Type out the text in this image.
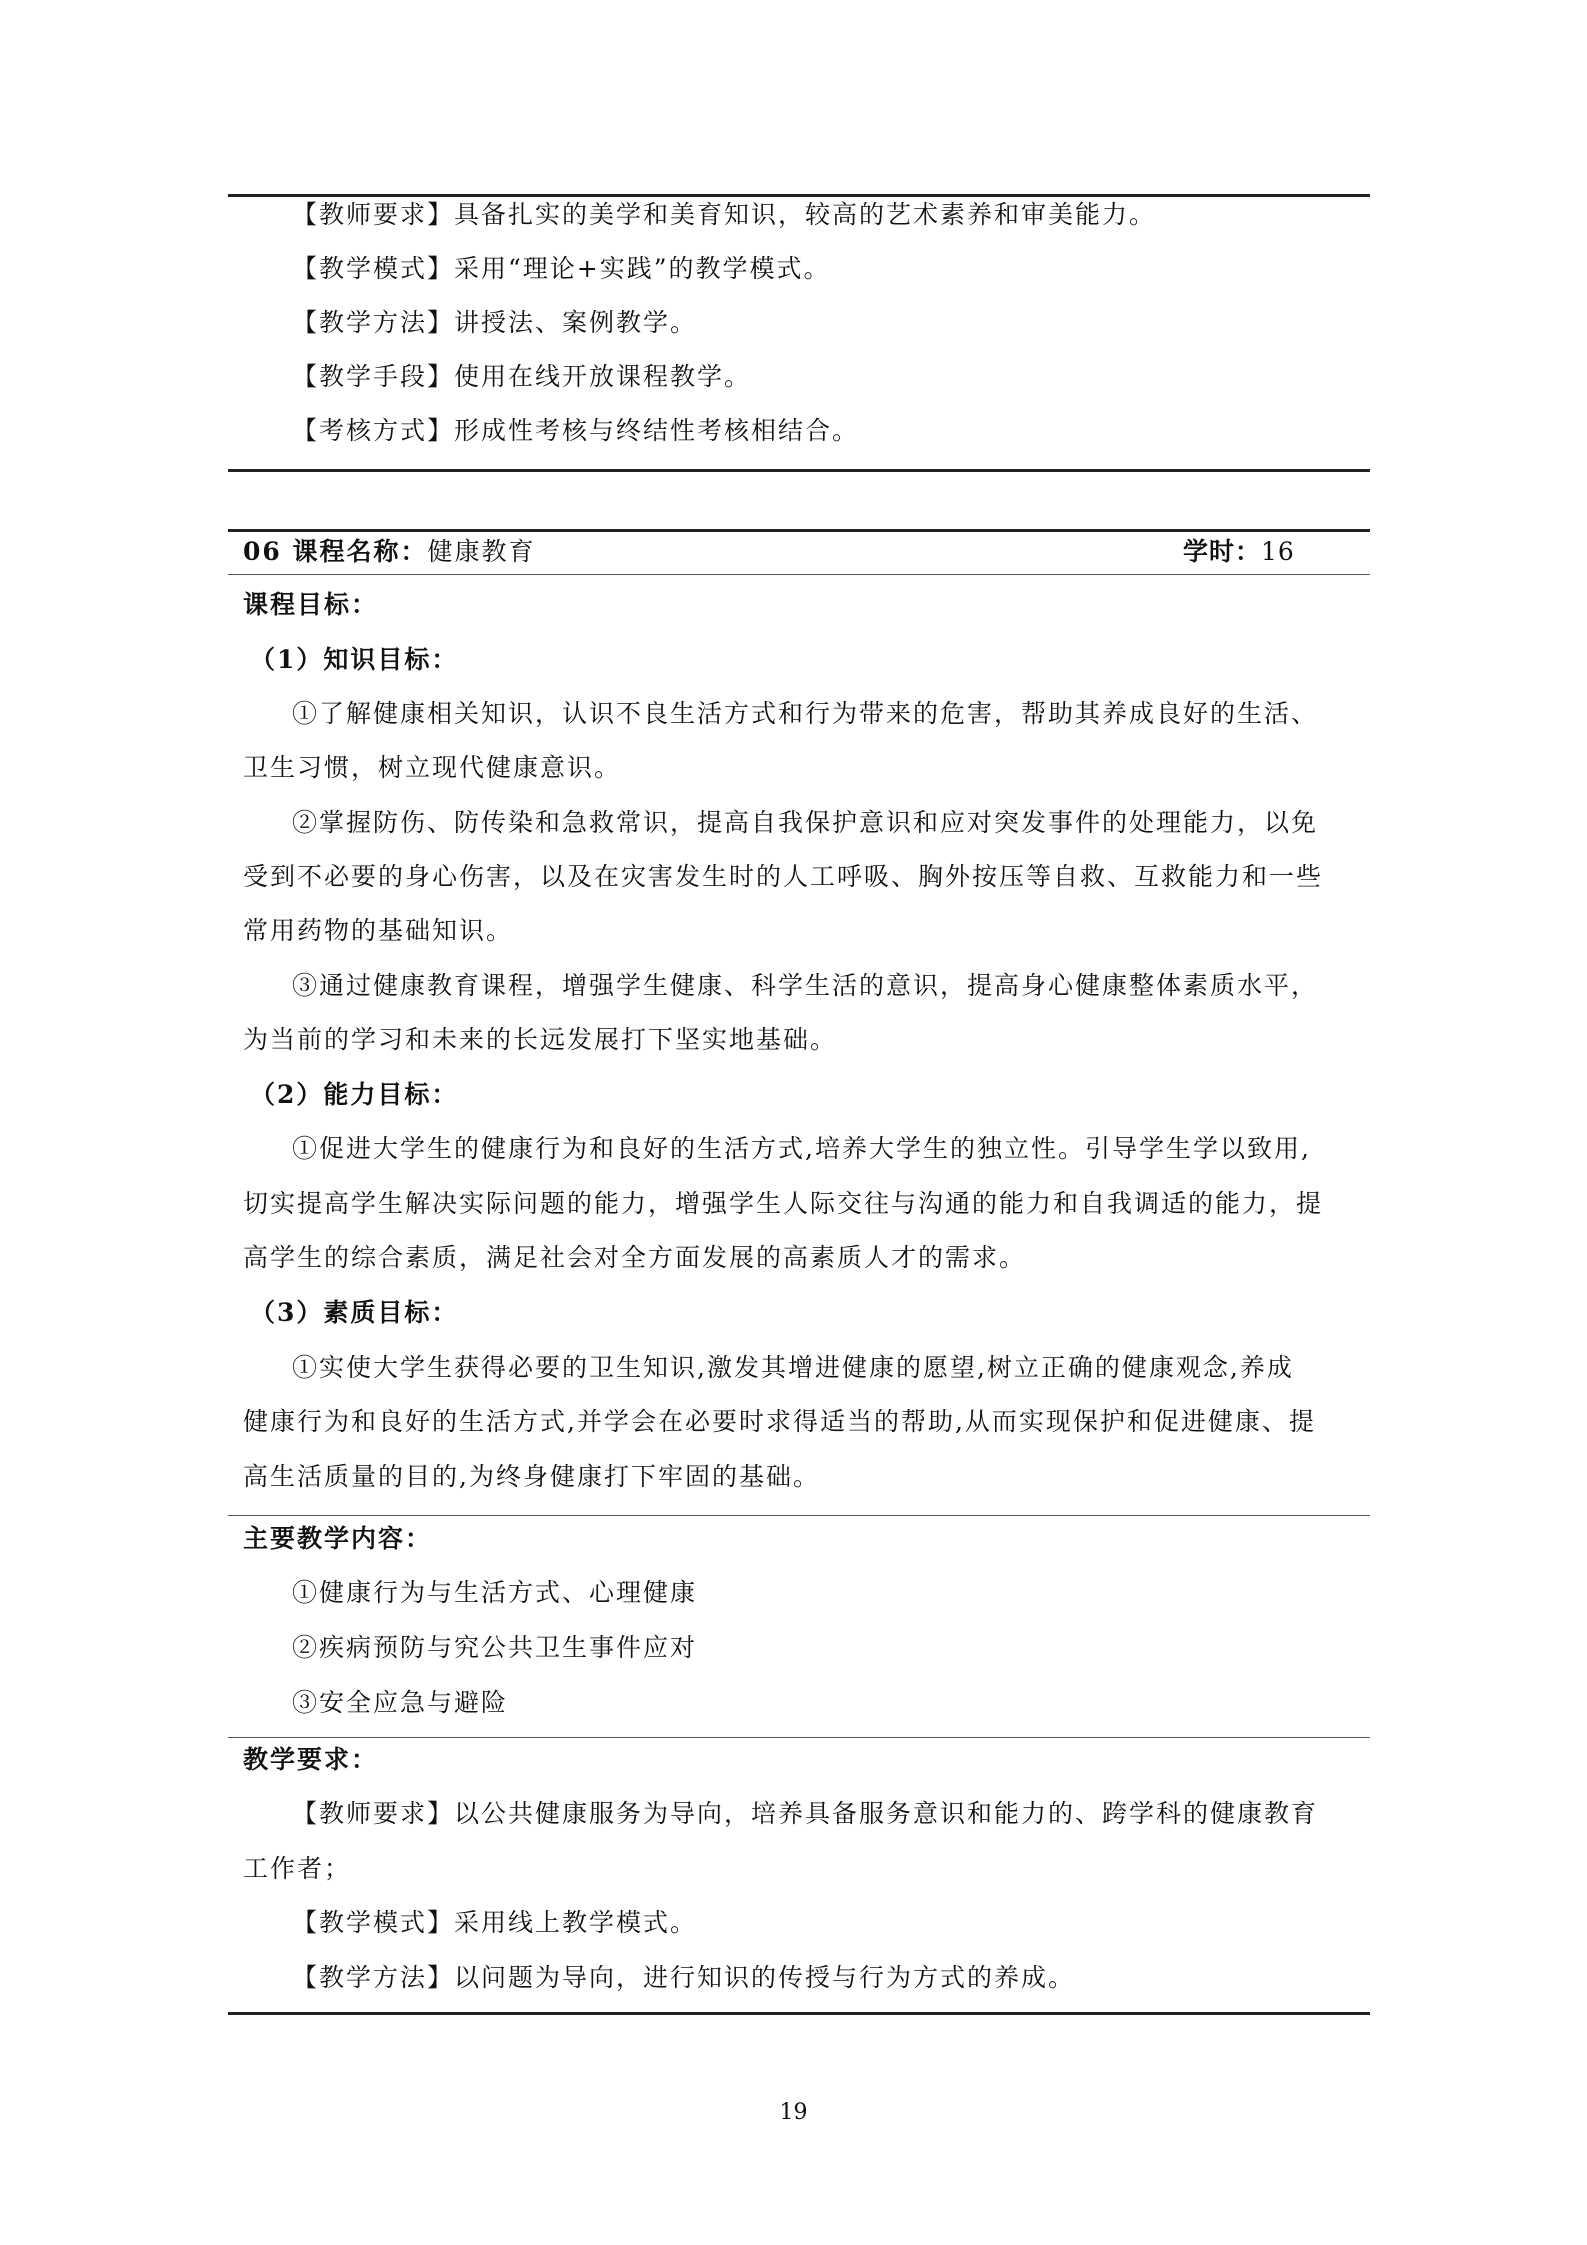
【教师要求】具备扎实的美学和美育知识，较高的艺术素养和审美能力。
【教学模式】采用“理论+实践”的教学模式。
【教学方法】讲授法、案例教学。
【教学手段】使用在线开放课程教学。
【考核方式】形成性考核与终结性考核相结合。
06 课程名称：健康教育	学时：16
课程目标：
（1）知识目标：
①了解健康相关知识，认识不良生活方式和行为带来的危害，帮助其养成良好的生活、
卫生习惯，树立现代健康意识。
②掌握防伤、防传染和急救常识，提高自我保护意识和应对突发事件的处理能力，以免
受到不必要的身心伤害，以及在灾害发生时的人工呼吸、胸外按压等自救、互救能力和一些
常用药物的基础知识。
③通过健康教育课程，增强学生健康、科学生活的意识，提高身心健康整体素质水平，
为当前的学习和未来的长远发展打下坚实地基础。
（2）能力目标：
①促进大学生的健康行为和良好的生活方式,培养大学生的独立性。引导学生学以致用,
切实提高学生解决实际问题的能力，增强学生人际交往与沟通的能力和自我调适的能力，提
高学生的综合素质，满足社会对全方面发展的高素质人才的需求。
（3）素质目标：
①实使大学生获得必要的卫生知识,激发其增进健康的愿望,树立正确的健康观念,养成
健康行为和良好的生活方式,并学会在必要时求得适当的帮助,从而实现保护和促进健康、提
高生活质量的目的,为终身健康打下牢固的基础。
主要教学内容：
①健康行为与生活方式、心理健康
②疾病预防与究公共卫生事件应对
③安全应急与避险
教学要求：
【教师要求】以公共健康服务为导向，培养具备服务意识和能力的、跨学科的健康教育
工作者；
【教学模式】采用线上教学模式。
【教学方法】以问题为导向，进行知识的传授与行为方式的养成。
19
